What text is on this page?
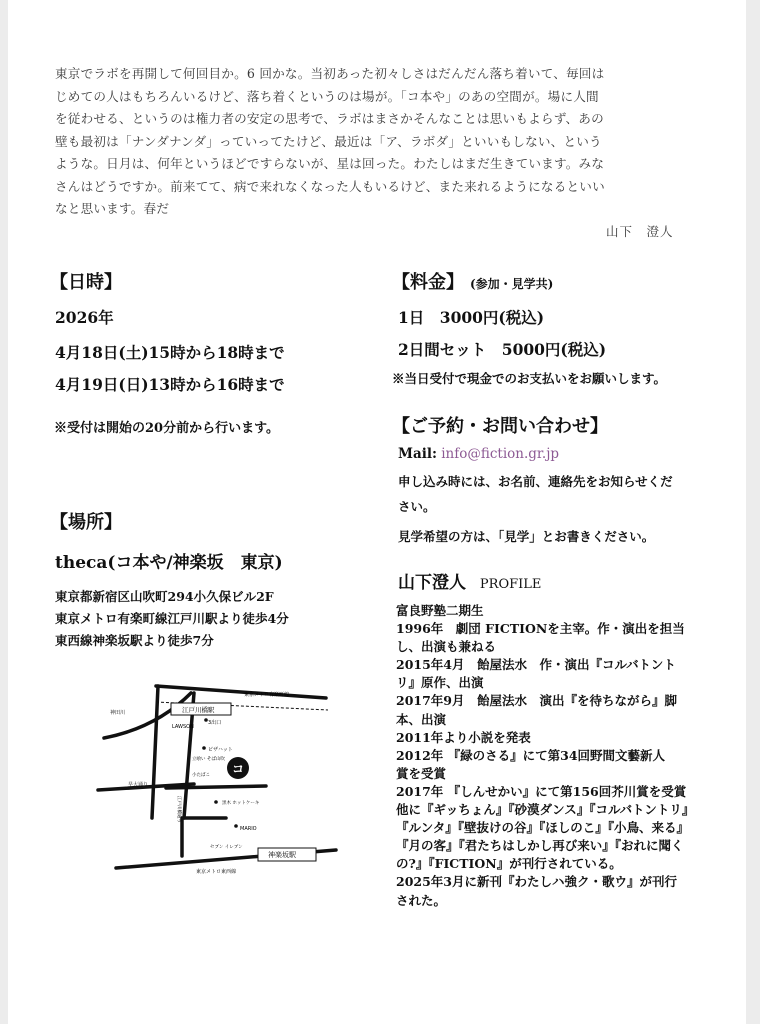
東京でラボを再開して何回目か。6 回かな。当初あった初々しさはだんだん落ち着いて、毎回は

じめての人はもちろんいるけど、落ち着くというのは場が。「コ本や」のあの空間が。場に人間

を従わせる、というのは権力者の安定の思考で、ラボはまさかそんなことは思いもよらず、あの

壁も最初は「ナンダナンダ」っていってたけど、最近は「ア、ラボダ」といいもしない、という

ような。日月は、何年というほどですらないが、星は回った。わたしはまだ生きています。みな

さんはどうですか。前来てて、病で来れなくなった人もいるけど、また来れるようになるといい

なと思います。春だ

山下　澄人
【日時】
2026年
4月18日(土)15時から18時まで
4月19日(日)13時から16時まで
※受付は開始の20分前から行います。
【場所】
theca(コ本や/神楽坂　東京)
東京都新宿区山吹町294小久保ビル2F
東京メトロ有楽町線江戸川駅より徒歩4分
東西線神楽坂駅より徒歩7分
【料金】 (参加・見学共)
1日　3000円(税込)
2日間セット　5000円(税込)
※当日受付で現金でのお支払いをお願いします。
【ご予約・お問い合わせ】
Mail: info@fiction.gr.jp
申し込み時には、お名前、連絡先をお知らせくだ
さい。
見学希望の方は、「見学」とお書きください。
山下澄人 PROFILE

富良野塾二期生

1996年　劇団 FICTIONを主宰。作・演出を担当

し、出演も兼ねる

2015年4月　飴屋法水　作・演出『コルバトント

リ』原作、出演

2017年9月　飴屋法水　演出『を待ちながら』脚

本、出演

2011年より小説を発表

2012年 『緑のさる』にて第34回野間文藝新人

賞を受賞

2017年 『しんせかい』にて第156回芥川賞を受賞

他に『ギッちょん』『砂漠ダンス』『コルバトントリ』

『ルンタ』『壁抜けの谷』『ほしのこ』『小鳥、来る』

『月の客』『君たちはしかし再び来い』『おれに聞く

の?』『FICTION』が刊行されている。

2025年3月に新刊『わたしハ強ク・歌ウ』が刊行

された。

東京メトロ有楽町線
神田川	江戸川橋駅
3出口
LAWSON
ピザハット
立喰い そば山吹
小たばこ
早大通り
江戸川橋通り	黒木 ホットケーキ
MARIO
セブン イレブン
神楽坂駅
東京メトロ東西線
コ
